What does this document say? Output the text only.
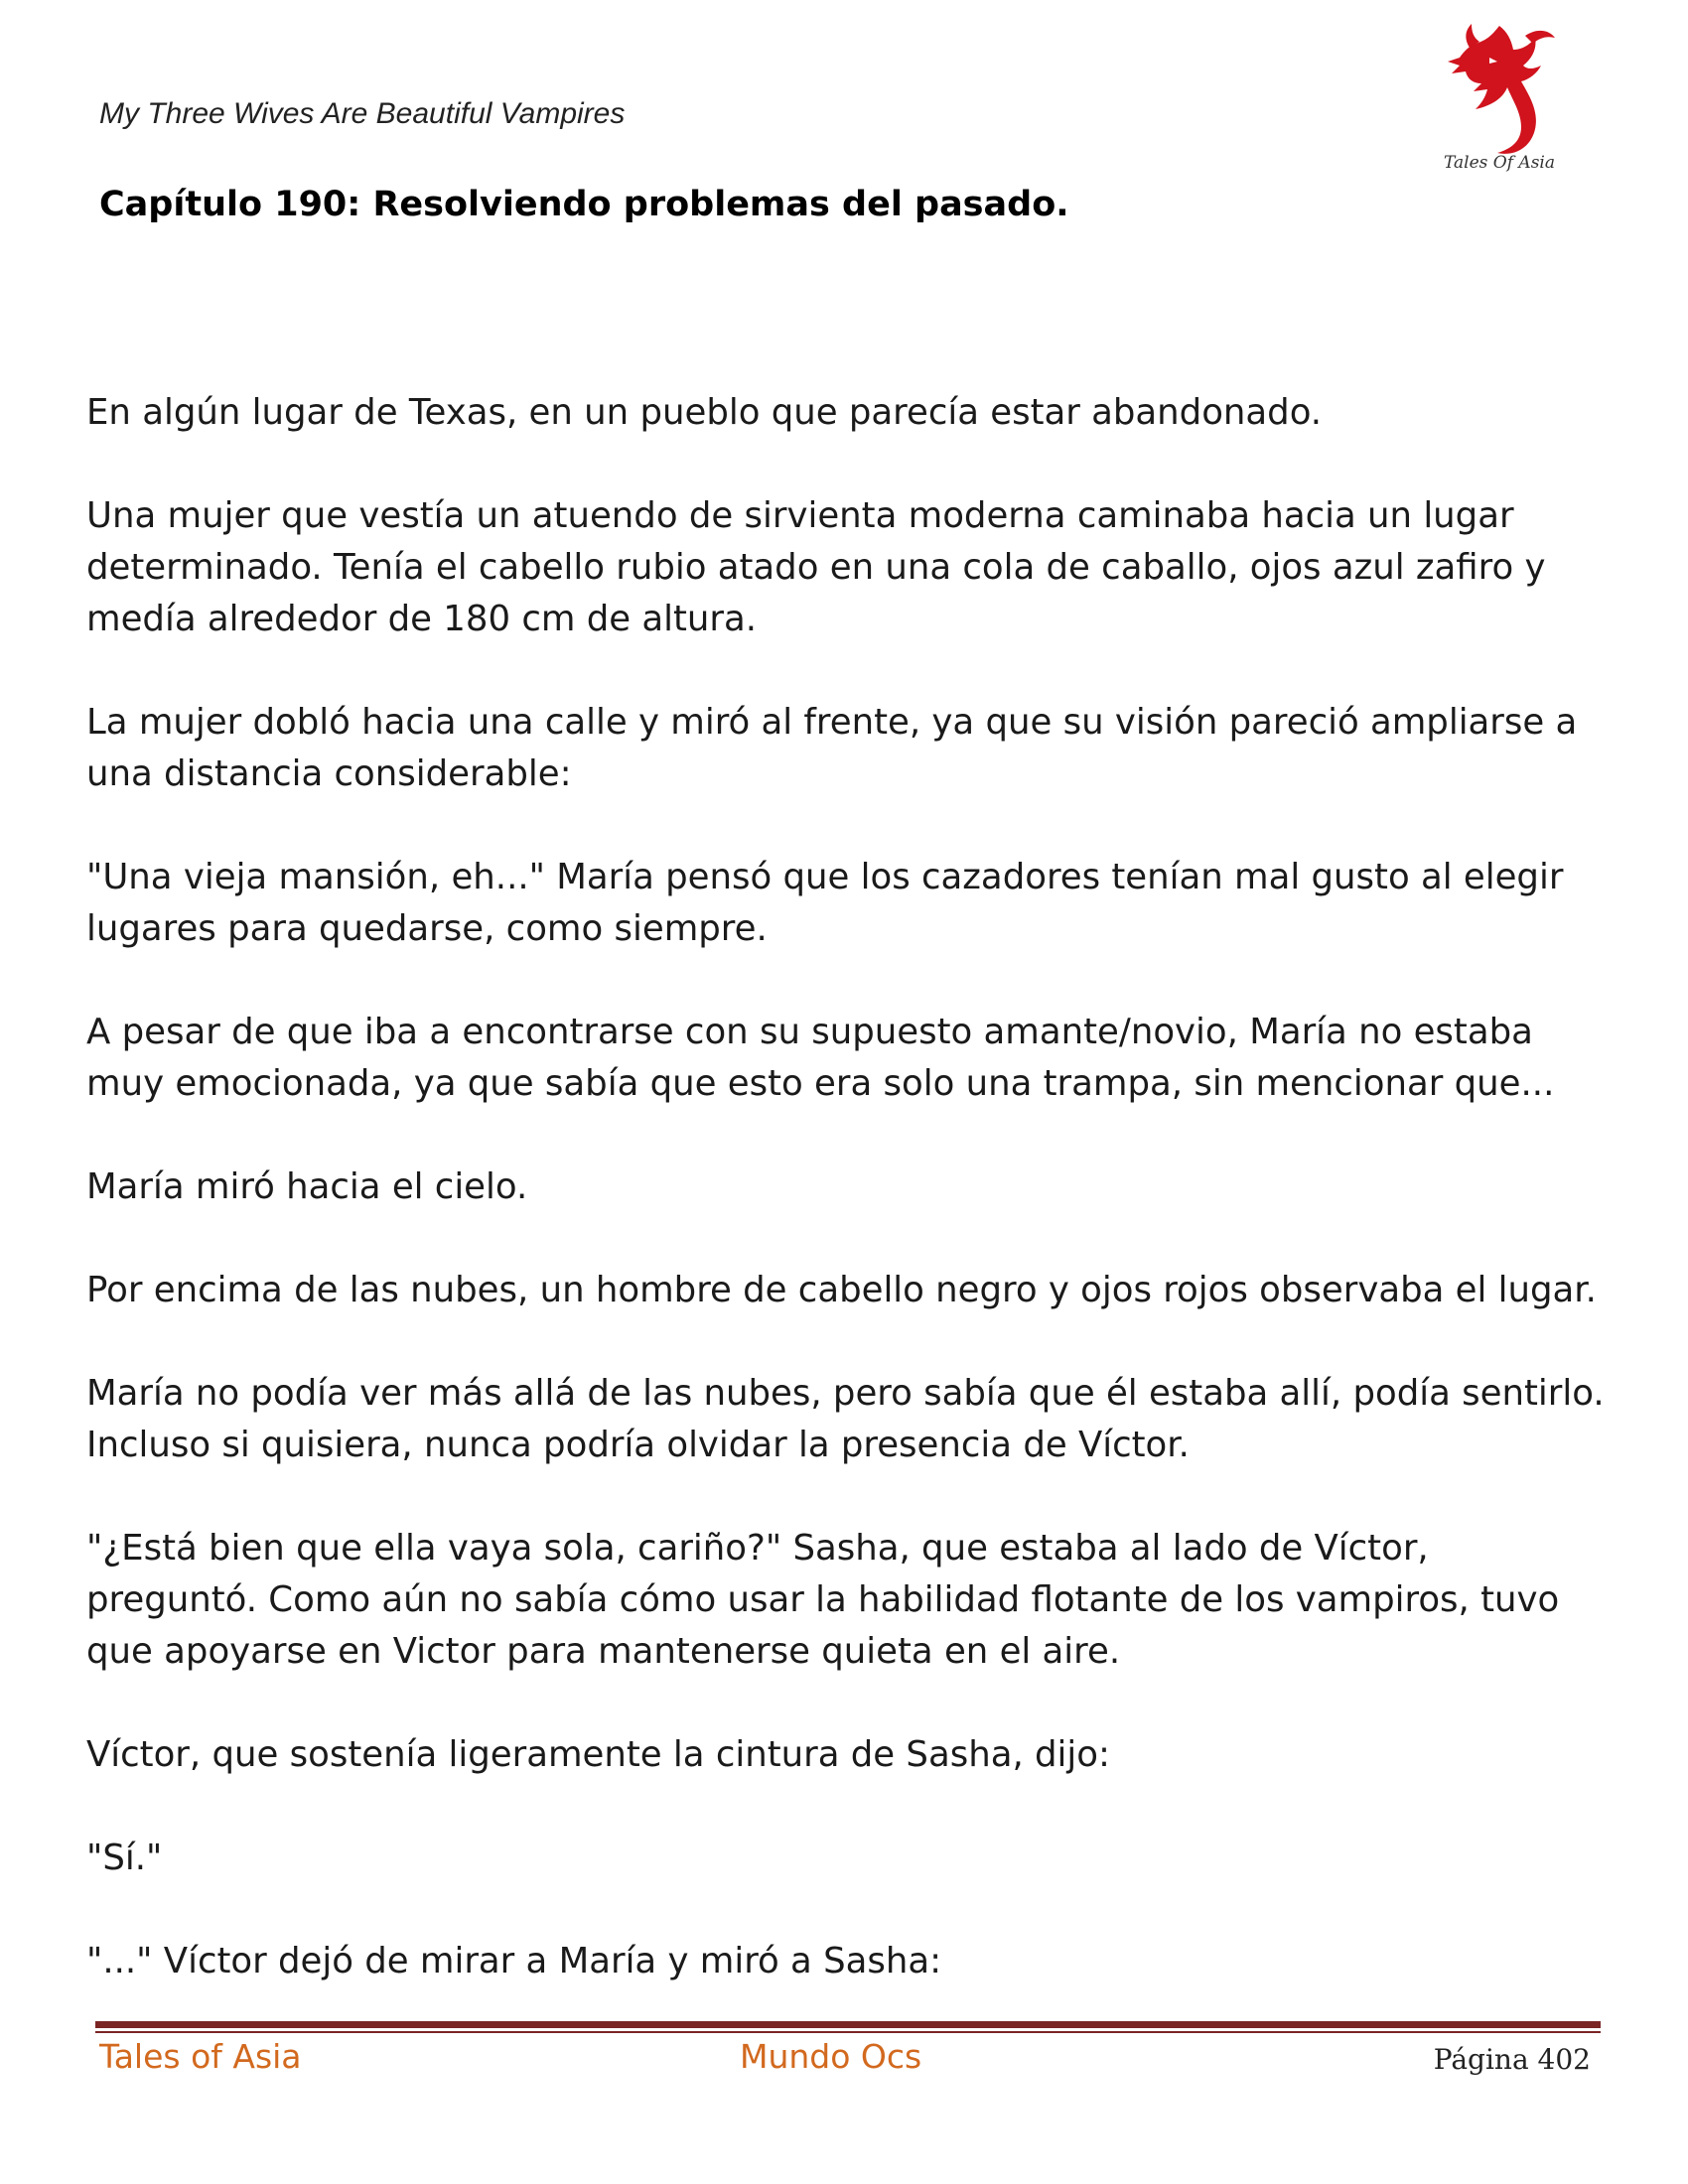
My Three Wives Are Beautiful Vampires
Tales Of Asia
Capítulo 190: Resolviendo problemas del pasado.

En algún lugar de Texas, en un pueblo que parecía estar abandonado.

Una mujer que vestía un atuendo de sirvienta moderna caminaba hacia un lugar determinado. Tenía el cabello rubio atado en una cola de caballo, ojos azul zafiro y medía alrededor de 180 cm de altura.

La mujer dobló hacia una calle y miró al frente, ya que su visión pareció ampliarse a una distancia considerable:

"Una vieja mansión, eh..." María pensó que los cazadores tenían mal gusto al elegir lugares para quedarse, como siempre.

A pesar de que iba a encontrarse con su supuesto amante/novio, María no estaba muy emocionada, ya que sabía que esto era solo una trampa, sin mencionar que...

María miró hacia el cielo.

Por encima de las nubes, un hombre de cabello negro y ojos rojos observaba el lugar.

María no podía ver más allá de las nubes, pero sabía que él estaba allí, podía sentirlo. Incluso si quisiera, nunca podría olvidar la presencia de Víctor.

"¿Está bien que ella vaya sola, cariño?" Sasha, que estaba al lado de Víctor, preguntó. Como aún no sabía cómo usar la habilidad flotante de los vampiros, tuvo que apoyarse en Victor para mantenerse quieta en el aire.

Víctor, que sostenía ligeramente la cintura de Sasha, dijo:

"Sí."

"..." Víctor dejó de mirar a María y miró a Sasha:

Tales of Asia	Mundo Ocs	Página 402
